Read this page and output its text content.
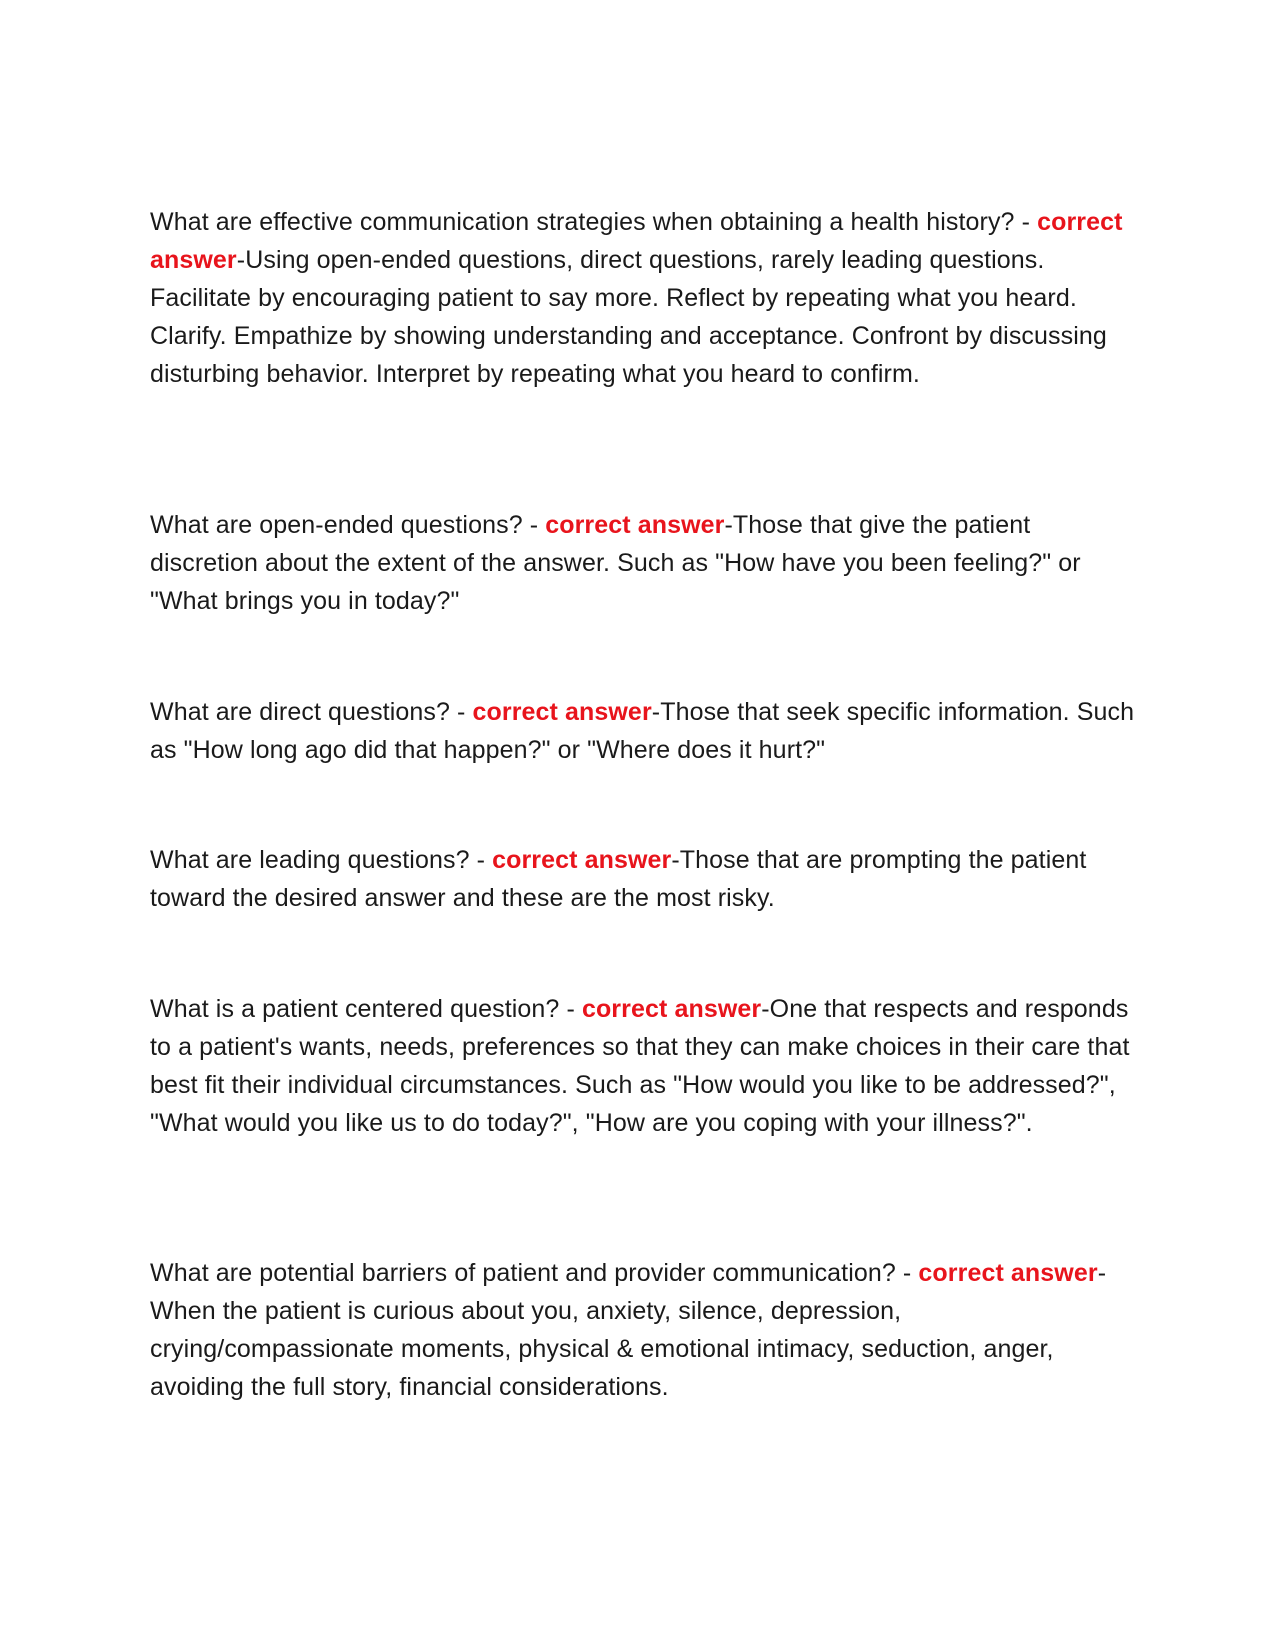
What are effective communication strategies when obtaining a health history? - correct answer-Using open-ended questions, direct questions, rarely leading questions. Facilitate by encouraging patient to say more. Reflect by repeating what you heard. Clarify. Empathize by showing understanding and acceptance. Confront by discussing disturbing behavior. Interpret by repeating what you heard to confirm.

What are open-ended questions? - correct answer-Those that give the patient discretion about the extent of the answer. Such as "How have you been feeling?" or "What brings you in today?"

What are direct questions? - correct answer-Those that seek specific information. Such as "How long ago did that happen?" or "Where does it hurt?"

What are leading questions? - correct answer-Those that are prompting the patient toward the desired answer and these are the most risky.

What is a patient centered question? - correct answer-One that respects and responds to a patient's wants, needs, preferences so that they can make choices in their care that best fit their individual circumstances. Such as "How would you like to be addressed?", "What would you like us to do today?", "How are you coping with your illness?".

What are potential barriers of patient and provider communication? - correct answer-When the patient is curious about you, anxiety, silence, depression, crying/compassionate moments, physical & emotional intimacy, seduction, anger, avoiding the full story, financial considerations.
